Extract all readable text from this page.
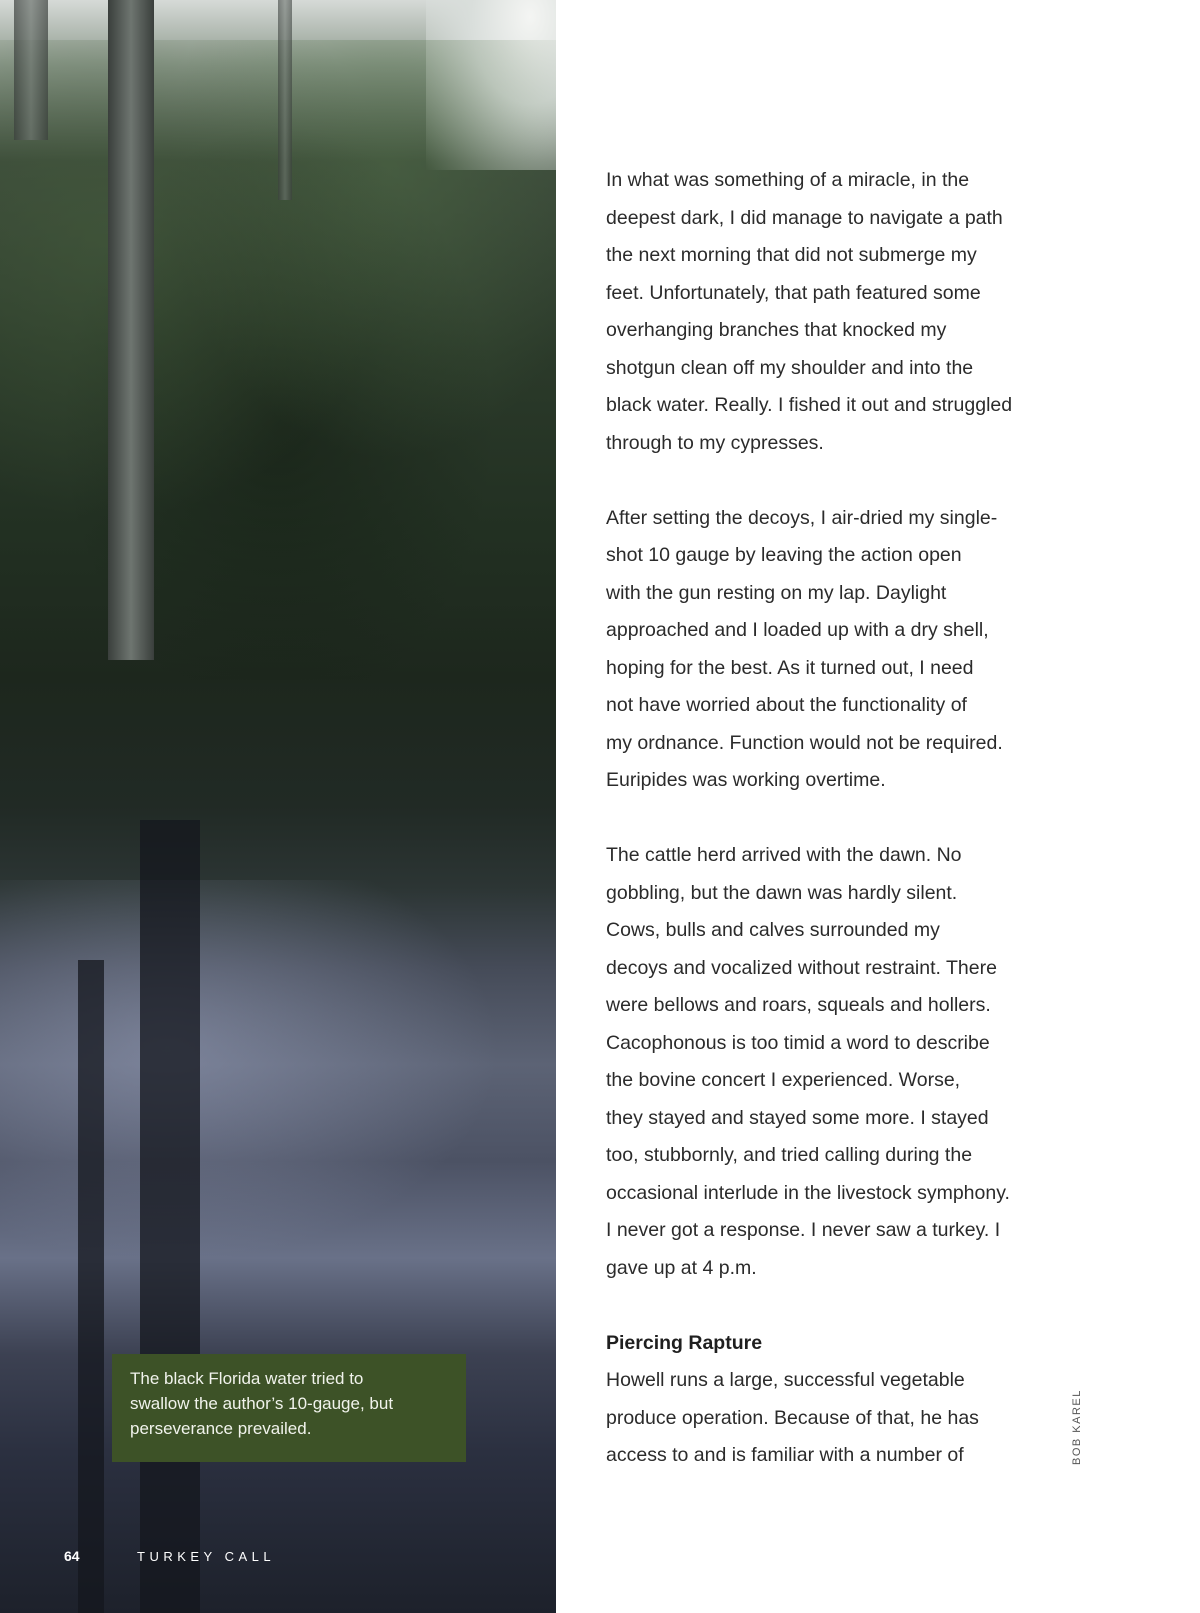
The black Florida water tried to
swallow the author’s 10-gauge, but
perseverance prevailed.
64	TURKEY CALL
In what was something of a miracle, in the
deepest dark, I did manage to navigate a path
the next morning that did not submerge my
feet. Unfortunately, that path featured some
overhanging branches that knocked my
shotgun clean off my shoulder and into the
black water. Really. I fished it out and struggled
through to my cypresses.
After setting the decoys, I air-dried my single-
shot 10 gauge by leaving the action open
with the gun resting on my lap. Daylight
approached and I loaded up with a dry shell,
hoping for the best. As it turned out, I need
not have worried about the functionality of
my ordnance. Function would not be required.
Euripides was working overtime.
The cattle herd arrived with the dawn. No
gobbling, but the dawn was hardly silent.
Cows, bulls and calves surrounded my
decoys and vocalized without restraint. There
were bellows and roars, squeals and hollers.
Cacophonous is too timid a word to describe
the bovine concert I experienced. Worse,
they stayed and stayed some more. I stayed
too, stubbornly, and tried calling during the
occasional interlude in the livestock symphony.
I never got a response. I never saw a turkey. I
gave up at 4 p.m.
Piercing Rapture
Howell runs a large, successful vegetable
produce operation. Because of that, he has
access to and is familiar with a number of	BOB KAREL
